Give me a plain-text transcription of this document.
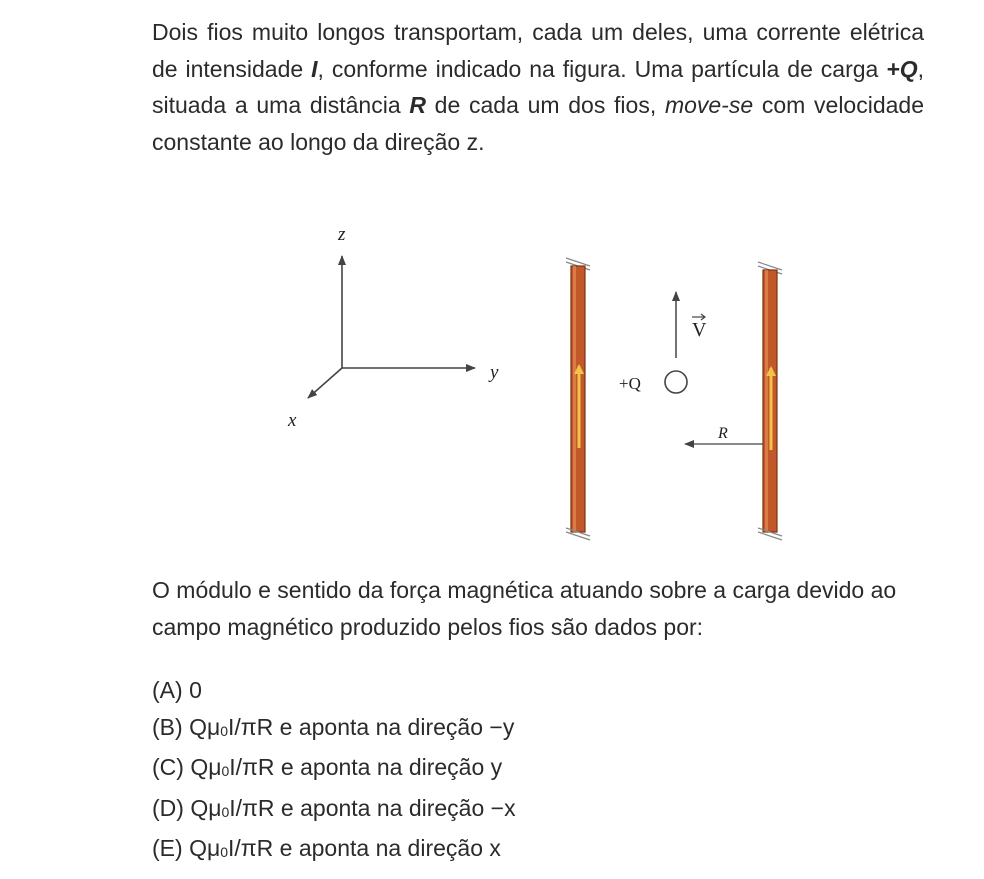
Dois fios muito longos transportam, cada um deles, uma corrente elétrica de intensidade I, conforme indicado na figura. Uma partícula de carga +Q, situada a uma distância R de cada um dos fios, move-se com velocidade constante ao longo da direção z.

z
y
x
V
+Q
R

O módulo e sentido da força magnética atuando sobre a carga devido ao campo magnético produzido pelos fios são dados por:

(A) 0
(B) Qμ0I/πR e aponta na direção −y
(C) Qμ0I/πR e aponta na direção y
(D) Qμ0I/πR e aponta na direção −x
(E) Qμ0I/πR e aponta na direção x
